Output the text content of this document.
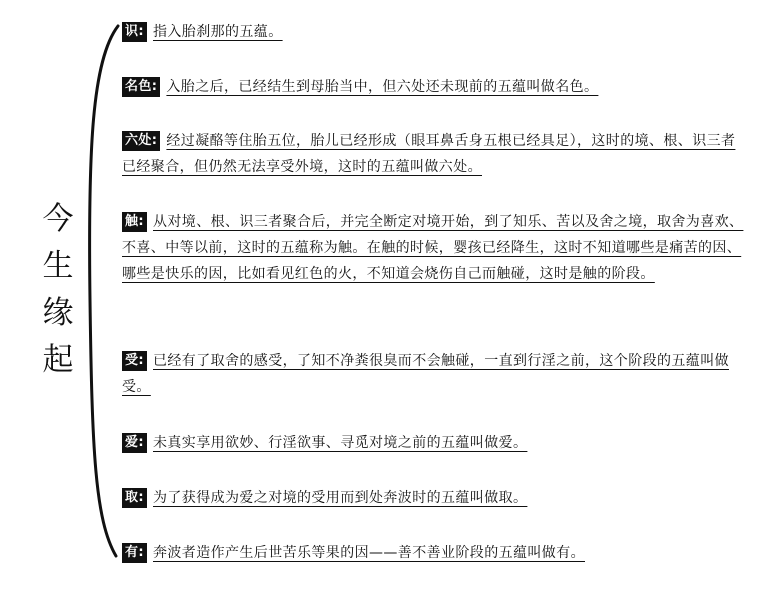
今
生
缘
起
识: 指入胎刹那的五蕴。
名色: 入胎之后，已经结生到母胎当中，但六处还未现前的五蕴叫做名色。
六处: 经过凝酪等住胎五位，胎儿已经形成（眼耳鼻舌身五根已经具足），这时的境、根、识三者已经聚合，但仍然无法享受外境，这时的五蕴叫做六处。
触: 从对境、根、识三者聚合后，并完全断定对境开始，到了知乐、苦以及舍之境，取舍为喜欢、不喜、中等以前，这时的五蕴称为触。在触的时候，婴孩已经降生，这时不知道哪些是痛苦的因、哪些是快乐的因，比如看见红色的火，不知道会烧伤自己而触碰，这时是触的阶段。
受: 已经有了取舍的感受，了知不净粪很臭而不会触碰，一直到行淫之前，这个阶段的五蕴叫做受。
爱: 未真实享用欲妙、行淫欲事、寻觅对境之前的五蕴叫做爱。
取: 为了获得成为爱之对境的受用而到处奔波时的五蕴叫做取。
有: 奔波者造作产生后世苦乐等果的因——善不善业阶段的五蕴叫做有。
